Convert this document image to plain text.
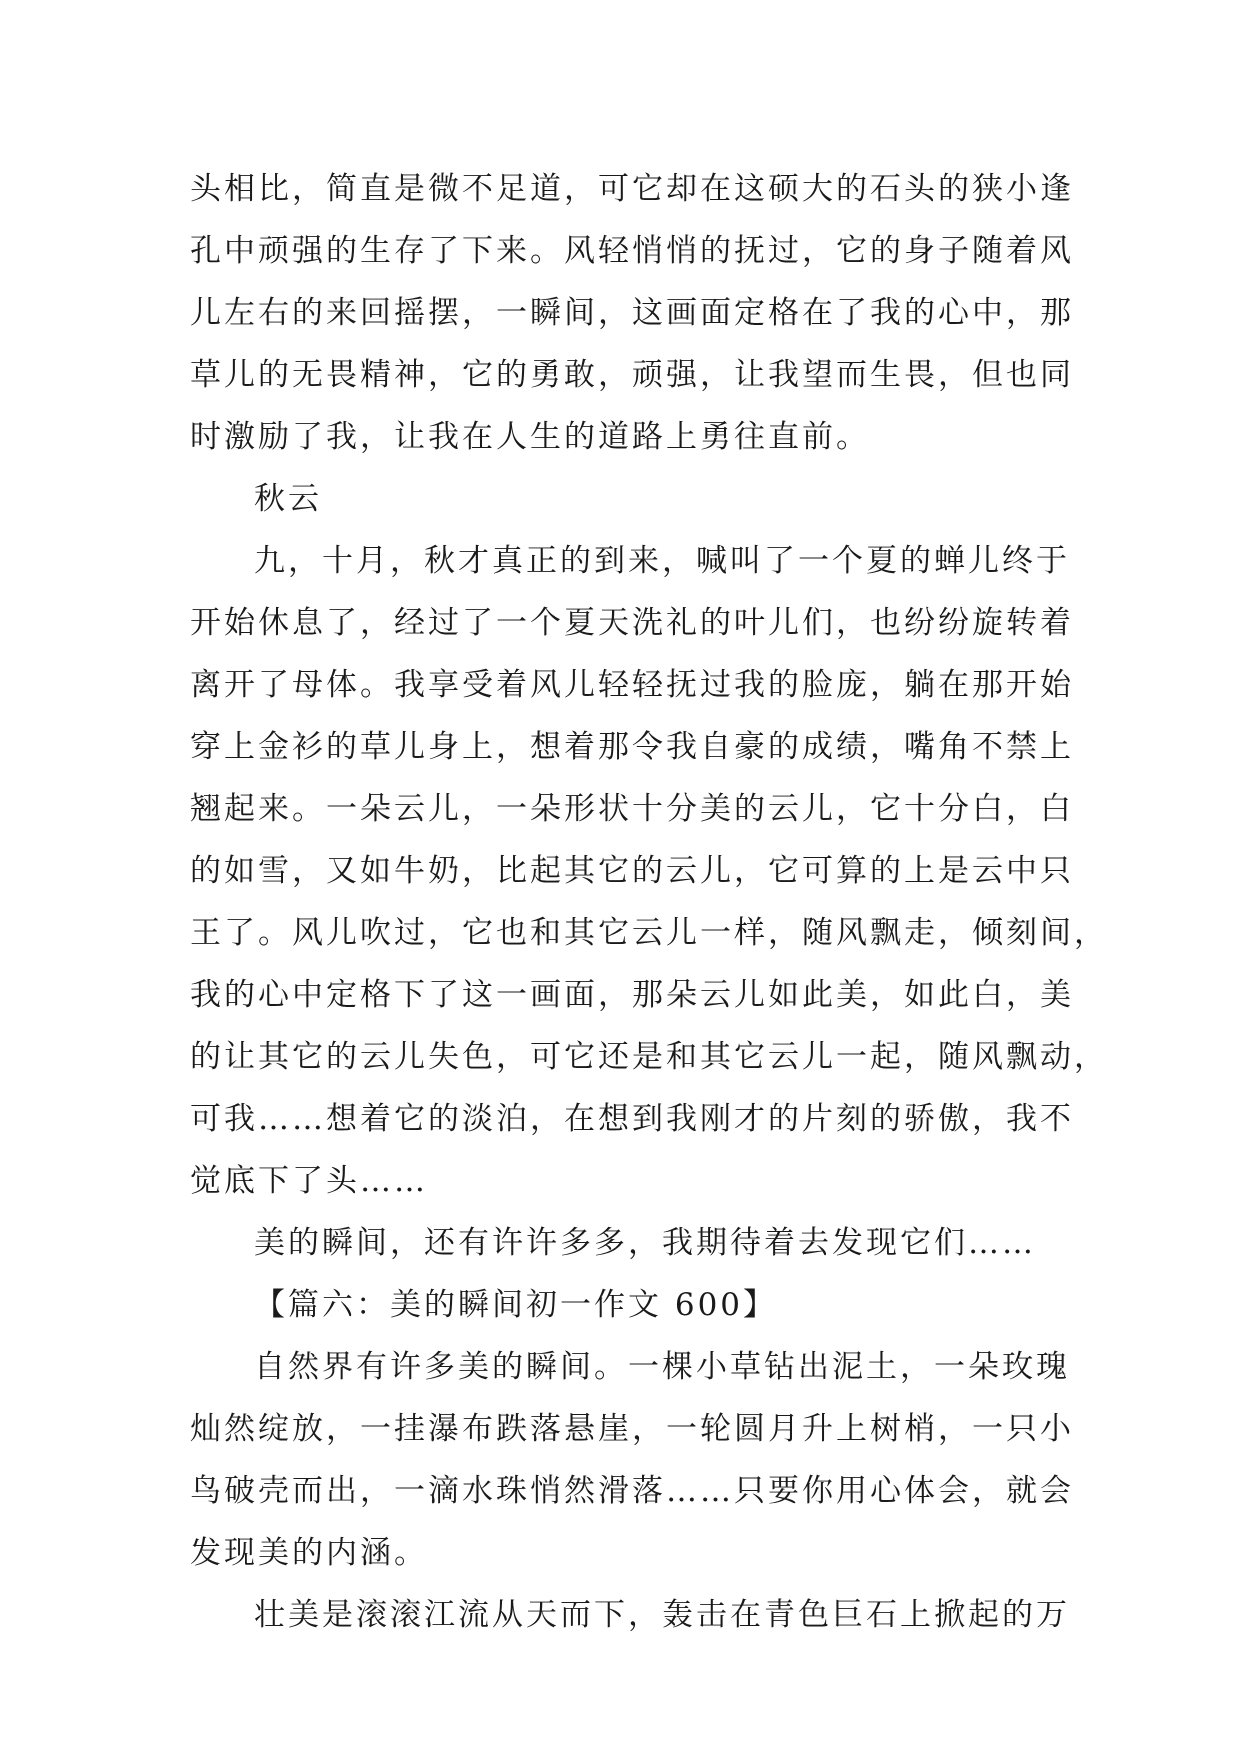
头相比，简直是微不足道，可它却在这硕大的石头的狭小逢
孔中顽强的生存了下来。风轻悄悄的抚过，它的身子随着风
儿左右的来回摇摆，一瞬间，这画面定格在了我的心中，那
草儿的无畏精神，它的勇敢，顽强，让我望而生畏，但也同
时激励了我，让我在人生的道路上勇往直前。
秋云
九，十月，秋才真正的到来，喊叫了一个夏的蝉儿终于
开始休息了，经过了一个夏天洗礼的叶儿们，也纷纷旋转着
离开了母体。我享受着风儿轻轻抚过我的脸庞，躺在那开始
穿上金衫的草儿身上，想着那令我自豪的成绩，嘴角不禁上
翘起来。一朵云儿，一朵形状十分美的云儿，它十分白，白
的如雪，又如牛奶，比起其它的云儿，它可算的上是云中只
王了。风儿吹过，它也和其它云儿一样，随风飘走，倾刻间，
我的心中定格下了这一画面，那朵云儿如此美，如此白，美
的让其它的云儿失色，可它还是和其它云儿一起，随风飘动，
可我……想着它的淡泊，在想到我刚才的片刻的骄傲，我不
觉底下了头……
美的瞬间，还有许许多多，我期待着去发现它们……
【篇六：美的瞬间初一作文 600】
自然界有许多美的瞬间。一棵小草钻出泥土，一朵玫瑰
灿然绽放，一挂瀑布跌落悬崖，一轮圆月升上树梢，一只小
鸟破壳而出，一滴水珠悄然滑落……只要你用心体会，就会
发现美的内涵。
壮美是滚滚江流从天而下，轰击在青色巨石上掀起的万
